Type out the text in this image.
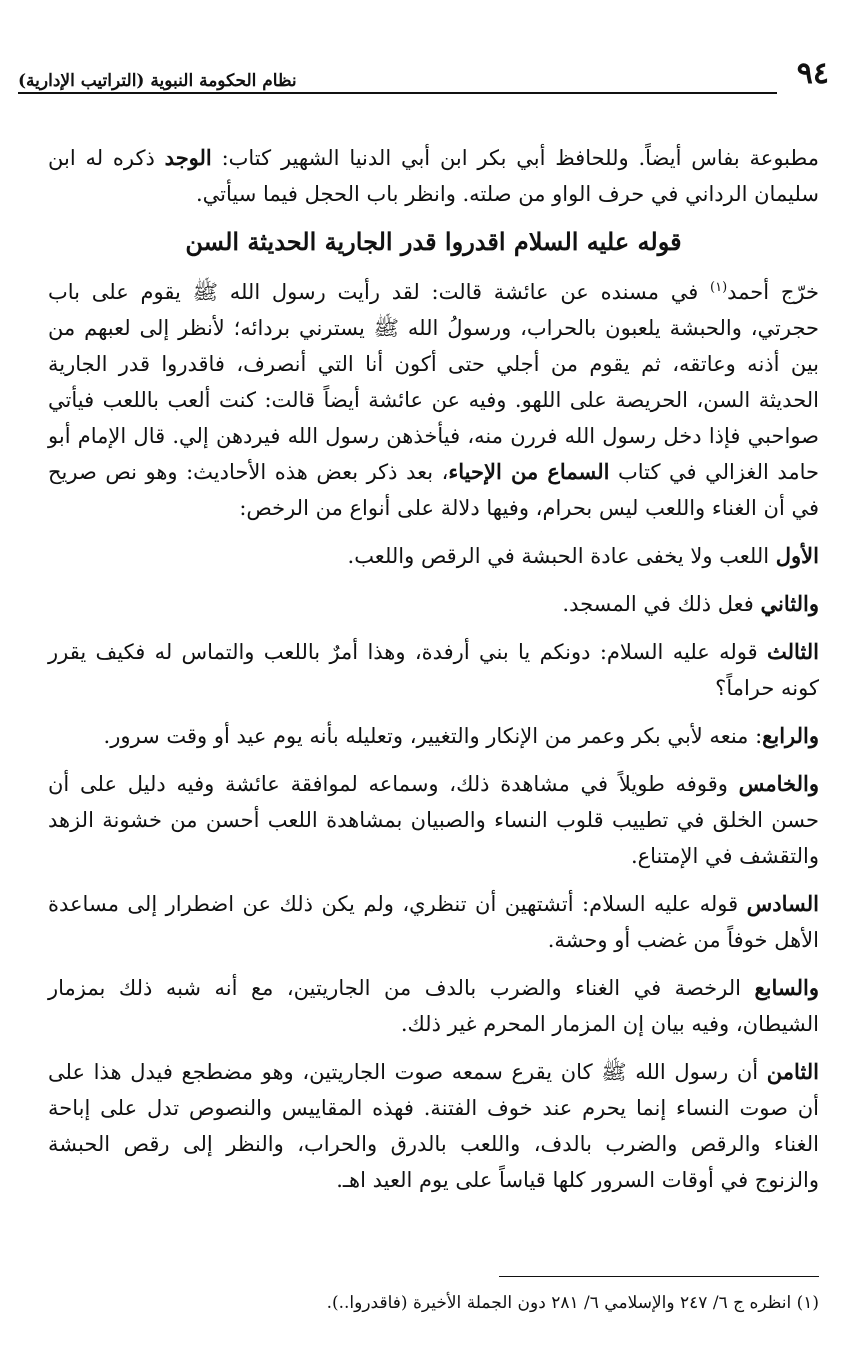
٩٤
نظام الحكومة النبوية (التراتيب الإدارية)

مطبوعة بفاس أيضاً. وللحافظ أبي بكر ابن أبي الدنيا الشهير كتاب: الوجد ذكره له ابن سليمان الرداني في حرف الواو من صلته. وانظر باب الحجل فيما سيأتي.

قوله عليه السلام اقدروا قدر الجارية الحديثة السن

خرّج أحمد$^{(١)}$ في مسنده عن عائشة قالت: لقد رأيت رسول الله ﷺ يقوم على باب حجرتي، والحبشة يلعبون بالحراب، ورسولُ الله ﷺ يسترني بردائه؛ لأنظر إلى لعبهم من بين أذنه وعاتقه، ثم يقوم من أجلي حتى أكون أنا التي أنصرف، فاقدروا قدر الجارية الحديثة السن، الحريصة على اللهو. وفيه عن عائشة أيضاً قالت: كنت ألعب باللعب فيأتي صواحبي فإذا دخل رسول الله فررن منه، فيأخذهن رسول الله فيردهن إلي. قال الإمام أبو حامد الغزالي في كتاب السماع من الإحياء، بعد ذكر بعض هذه الأحاديث: وهو نص صريح في أن الغناء واللعب ليس بحرام، وفيها دلالة على أنواع من الرخص:

الأول اللعب ولا يخفى عادة الحبشة في الرقص واللعب.

والثاني فعل ذلك في المسجد.

الثالث قوله عليه السلام: دونكم يا بني أرفدة، وهذا أمرٌ باللعب والتماس له فكيف يقرر كونه حراماً؟

والرابع: منعه لأبي بكر وعمر من الإنكار والتغيير، وتعليله بأنه يوم عيد أو وقت سرور.

والخامس وقوفه طويلاً في مشاهدة ذلك، وسماعه لموافقة عائشة وفيه دليل على أن حسن الخلق في تطييب قلوب النساء والصبيان بمشاهدة اللعب أحسن من خشونة الزهد والتقشف في الإمتناع.

السادس قوله عليه السلام: أتشتهين أن تنظري، ولم يكن ذلك عن اضطرار إلى مساعدة الأهل خوفاً من غضب أو وحشة.

والسابع الرخصة في الغناء والضرب بالدف من الجاريتين، مع أنه شبه ذلك بمزمار الشيطان، وفيه بيان إن المزمار المحرم غير ذلك.

الثامن أن رسول الله ﷺ كان يقرع سمعه صوت الجاريتين، وهو مضطجع فيدل هذا على أن صوت النساء إنما يحرم عند خوف الفتنة. فهذه المقاييس والنصوص تدل على إباحة الغناء والرقص والضرب بالدف، واللعب بالدرق والحراب، والنظر إلى رقص الحبشة والزنوج في أوقات السرور كلها قياساً على يوم العيد اهـ.

(١) انظره ج ٦/ ٢٤٧ والإسلامي ٦/ ٢٨١ دون الجملة الأخيرة (فاقدروا..).
